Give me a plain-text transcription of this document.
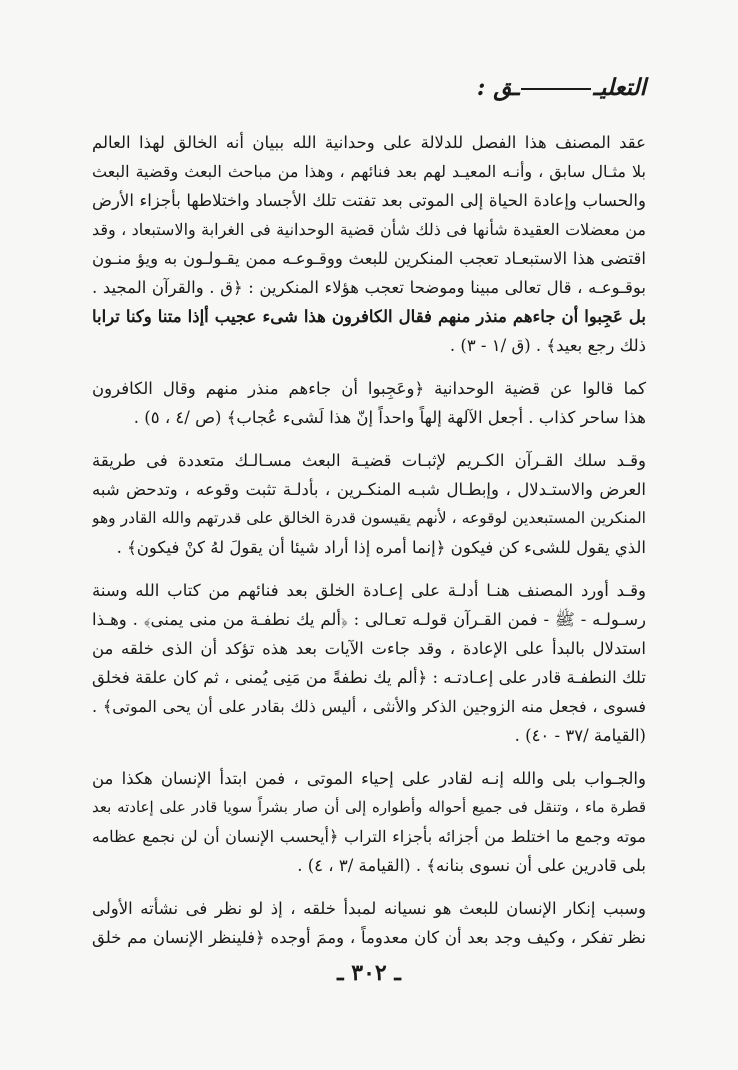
التعليــق :
عقد المصنف هذا الفصل للدلالة على وحدانية الله ببيان أنه الخالق لهذا العالم
بلا مثـال سابق ، وأنـه المعيـد لهم بعد فنائهم ، وهذا من مباحث البعث وقضية البعث
والحساب وإعادة الحياة إلى الموتى بعد تفتت تلك الأجساد واختلاطها بأجزاء الأرض
من معضلات العقيدة شأنها فى ذلك شأن قضية الوحدانية فى الغرابة والاستبعاد ، وقد
اقتضى هذا الاستبعـاد تعجب المنكرين للبعث ووقـوعـه ممن يقـولـون به ويؤ منـون
بوقـوعـه ، قال تعالى مبينا وموضحا تعجب هؤلاء المنكرين : ﴿ق . والقرآن المجيد .
بل عَجِبوا أن جاءهم منذر منهم فقال الكافرون هذا شىء عجيب أإذا متنا وكنا ترابا
ذلك رجع بعيد﴾ . (ق /١ - ٣) .
كما قالوا عن قضية الوحدانية ﴿وعَجِبوا أن جاءهم منذر منهم وقال الكافرون
هذا ساحر كذاب . أجعل الآلهة إلهاً واحداً إنّ هذا لَشىء عُجاب﴾ (ص /٤ ، ٥) .
وقـد سلك القـرآن الكـريم لإثبـات قضيـة البعث مسـالـك متعددة فى طريقة
العرض والاستـدلال ، وإبطـال شبـه المنكـرين ، بأدلـة تثبت وقوعه ، وتدحض شبه
المنكرين المستبعدين لوقوعه ، لأنهم يقيسون قدرة الخالق على قدرتهم والله القادر وهو
الذي يقول للشىء كن فيكون ﴿إنما أمره إذا أراد شيئا أن يقولَ لهُ كنْ فيكون﴾ .
وقـد أورد المصنف هنـا أدلـة على إعـادة الخلق بعد فنائهم من كتاب الله وسنة
رسـولـه - ﷺ - فمن القـرآن قولـه تعـالى : ﴿ألم يك نطفـة من منى يمنى﴾ . وهـذا
استدلال بالبدأ على الإعادة ، وقد جاءت الآيات بعد هذه تؤكد أن الذى خلقه من
تلك النطفـة قادر على إعـادتـه : ﴿ألم يك نطفةً من مَنِى يُمنى ، ثم كان علقة فخلق
فسوى ، فجعل منه الزوجين الذكر والأنثى ، أليس ذلك بقادر على أن يحى الموتى﴾ .
(القيامة /٣٧ - ٤٠) .
والجـواب بلى والله إنـه لقادر على إحياء الموتى ، فمن ابتدأ الإنسان هكذا من
قطرة ماء ، وتنقل فى جميع أحواله وأطواره إلى أن صار بشراً سويا قادر على إعادته بعد
موته وجمع ما اختلط من أجزائه بأجزاء التراب ﴿أيحسب الإنسان أن لن نجمع عظامه
بلى قادرين على أن نسوى بنانه﴾ . (القيامة /٣ ، ٤) .
وسبب إنكار الإنسان للبعث هو نسيانه لمبدأ خلقه ، إذ لو نظر فى نشأته الأولى
نظر تفكر ، وكيف وجد بعد أن كان معدوماً ، وممَ أوجده ﴿فلينظر الإنسان مم خلق
ـ ٣٠٢ ـ
